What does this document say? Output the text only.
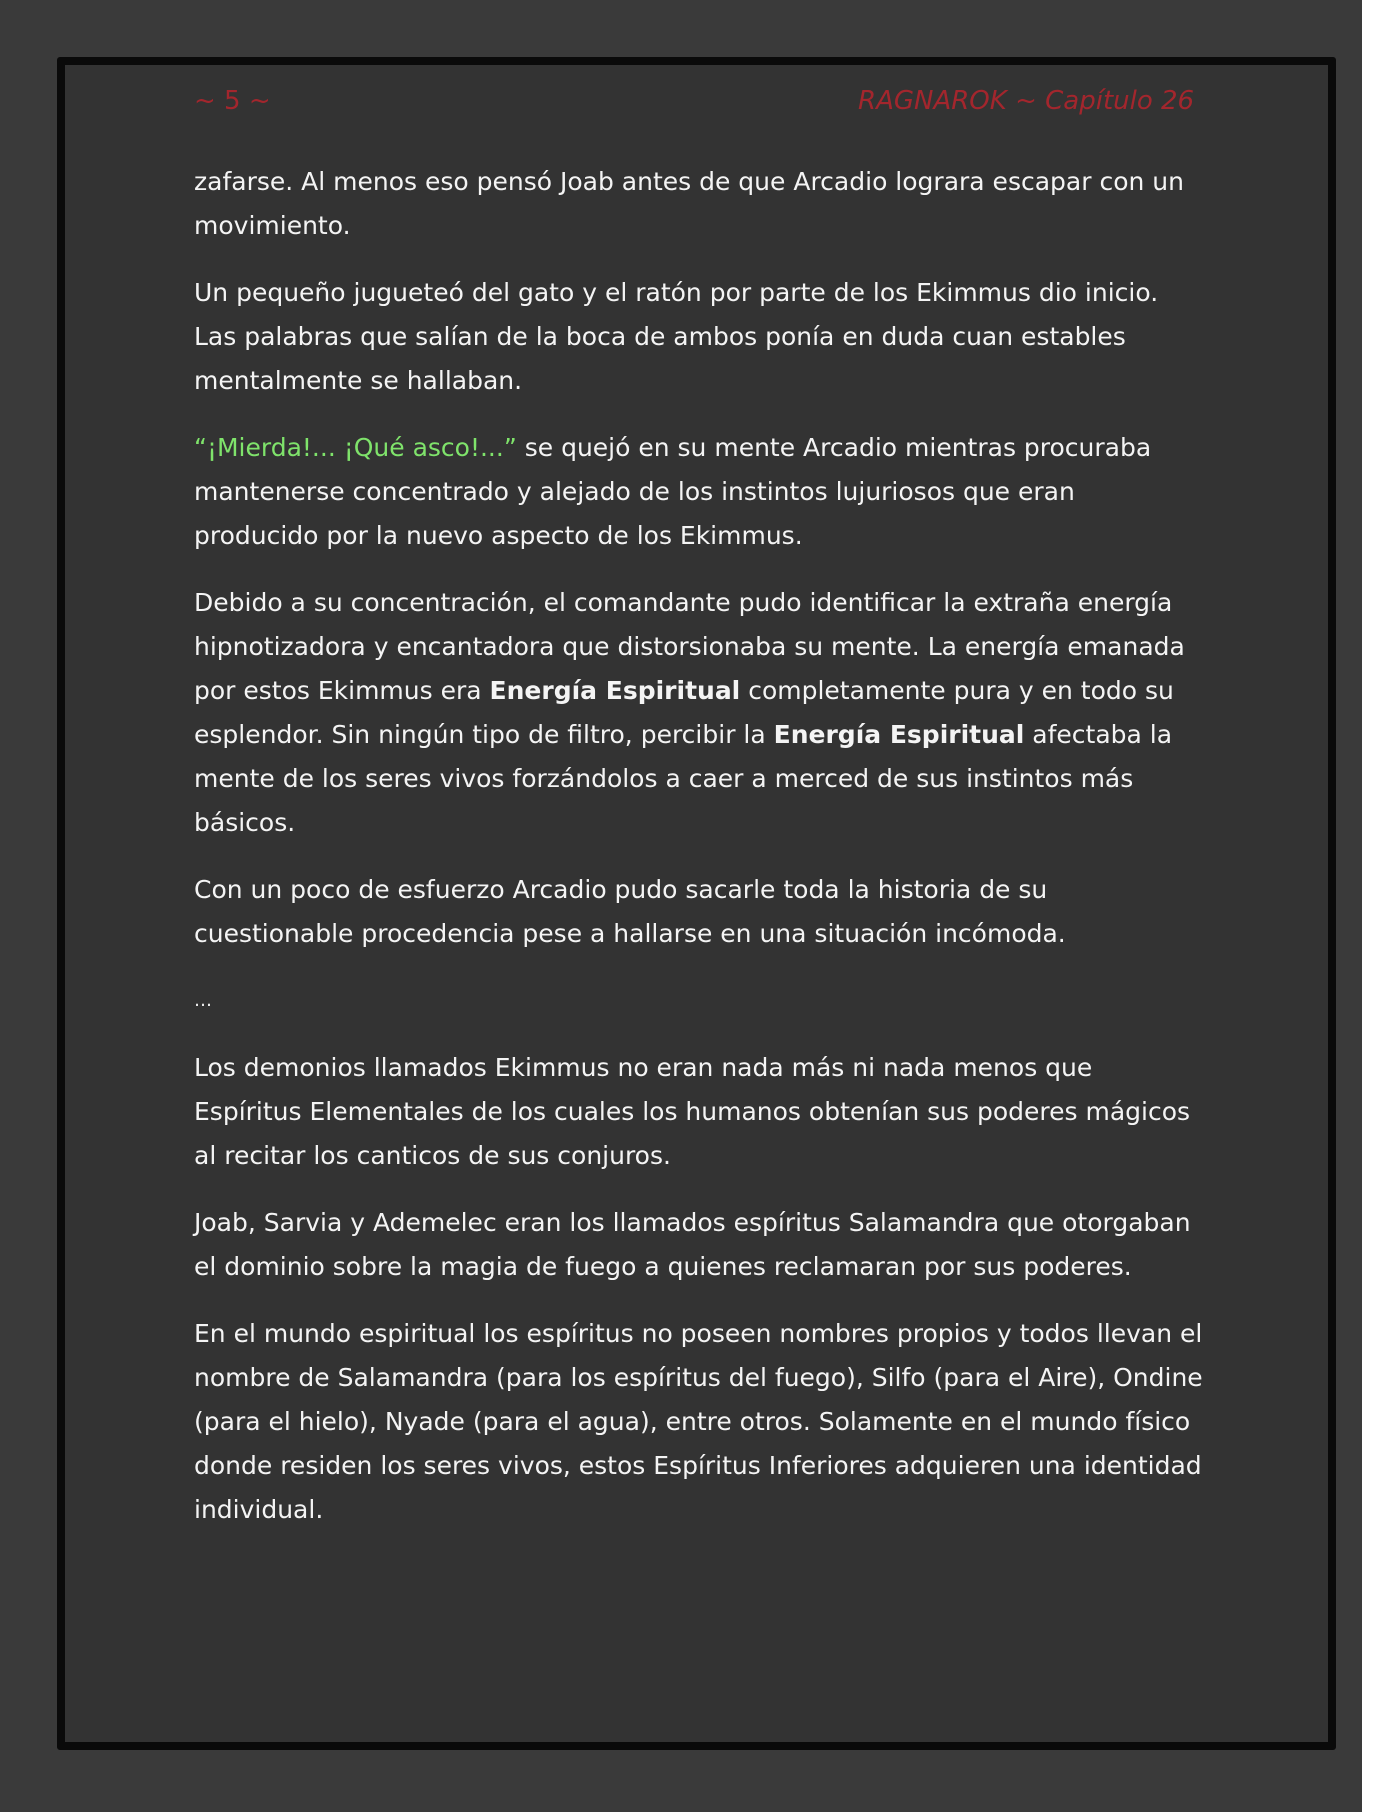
~ 5 ~	RAGNAROK ~ Capítulo 26

zafarse. Al menos eso pensó Joab antes de que Arcadio lograra escapar con un movimiento.

Un pequeño jugueteó del gato y el ratón por parte de los Ekimmus dio inicio. Las palabras que salían de la boca de ambos ponía en duda cuan estables mentalmente se hallaban.

“¡Mierda!... ¡Qué asco!...” se quejó en su mente Arcadio mientras procuraba mantenerse concentrado y alejado de los instintos lujuriosos que eran producido por la nuevo aspecto de los Ekimmus.

Debido a su concentración, el comandante pudo identificar la extraña energía hipnotizadora y encantadora que distorsionaba su mente. La energía emanada por estos Ekimmus era Energía Espiritual completamente pura y en todo su esplendor. Sin ningún tipo de filtro, percibir la Energía Espiritual afectaba la mente de los seres vivos forzándolos a caer a merced de sus instintos más básicos.

Con un poco de esfuerzo Arcadio pudo sacarle toda la historia de su cuestionable procedencia pese a hallarse en una situación incómoda.

…

Los demonios llamados Ekimmus no eran nada más ni nada menos que Espíritus Elementales de los cuales los humanos obtenían sus poderes mágicos al recitar los canticos de sus conjuros.

Joab, Sarvia y Ademelec eran los llamados espíritus Salamandra que otorgaban el dominio sobre la magia de fuego a quienes reclamaran por sus poderes.

En el mundo espiritual los espíritus no poseen nombres propios y todos llevan el nombre de Salamandra (para los espíritus del fuego), Silfo (para el Aire), Ondine (para el hielo), Nyade (para el agua), entre otros. Solamente en el mundo físico donde residen los seres vivos, estos Espíritus Inferiores adquieren una identidad individual.
